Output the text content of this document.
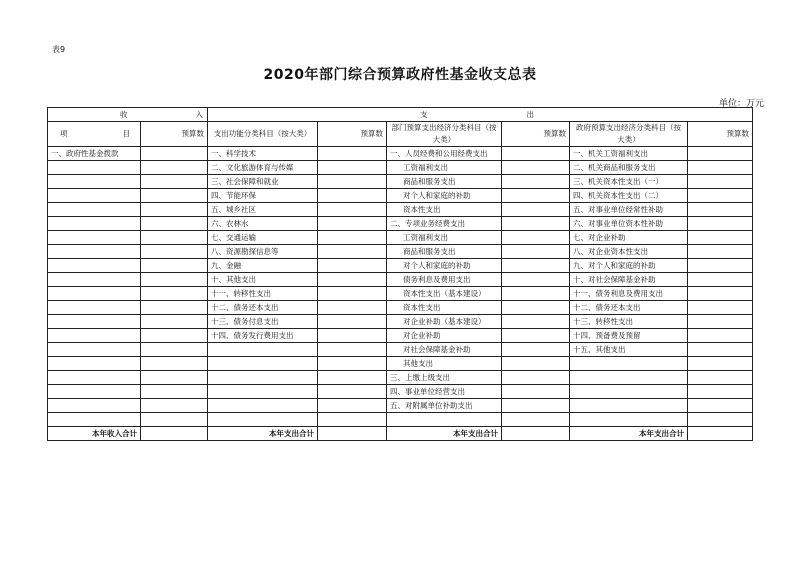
表9
2020年部门综合预算政府性基金收支总表
单位：万元
收 入		支 出					

项 目	预算数	支出功能分类科目（按大类）	预算数	部门预算支出经济分类科目（按大类）	预算数	政府预算支出经济分类科目（按大类）	预算数
一、政府性基金拨款		一、科学技术		一、人员经费和公用经费支出		一、机关工资福利支出	
		二、文化旅游体育与传媒		工资福利支出		二、机关商品和服务支出	
		三、社会保障和就业		商品和服务支出		三、机关资本性支出（一）	
		四、节能环保		对个人和家庭的补助		四、机关资本性支出（二）	
		五、城乡社区		资本性支出		五、对事业单位经常性补助	
		六、农林水		二、专项业务经费支出		六、对事业单位资本性补助	
		七、交通运输		工资福利支出		七、对企业补助	
		八、资源勘探信息等		商品和服务支出		八、对企业资本性支出	
		九、金融		对个人和家庭的补助		九、对个人和家庭的补助	
		十、其他支出		债务利息及费用支出		十、对社会保障基金补助	
		十一、转移性支出		资本性支出（基本建设）		十一、债务利息及费用支出	
		十二、债务还本支出		资本性支出		十二、债务还本支出	
		十三、债务付息支出		对企业补助（基本建设）		十三、转移性支出	
		十四、债务发行费用支出		对企业补助		十四、预备费及预留	
				对社会保障基金补助		十五、其他支出	
				其他支出			
				三、上缴上级支出			
				四、事业单位经营支出			
				五、对附属单位补助支出			

本年收入合计		本年支出合计		本年支出合计		本年支出合计	
